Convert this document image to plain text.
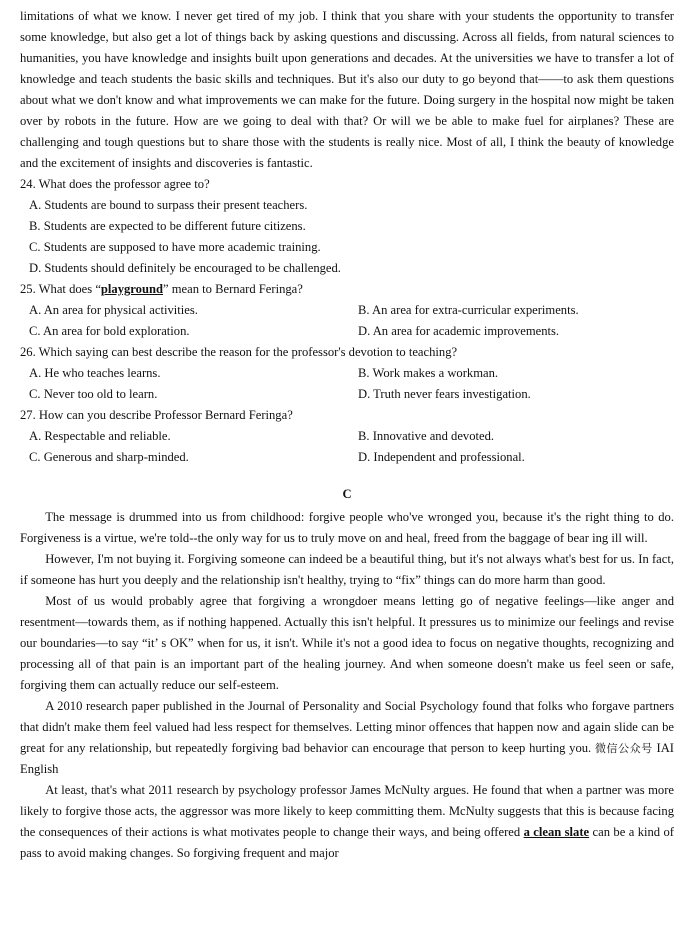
limitations of what we know. I never get tired of my job. I think that you share with your students the opportunity to transfer some knowledge, but also get a lot of things back by asking questions and discussing. Across all fields, from natural sciences to humanities, you have knowledge and insights built upon generations and decades. At the universities we have to transfer a lot of knowledge and teach students the basic skills and techniques. But it's also our duty to go beyond that——to ask them questions about what we don't know and what improvements we can make for the future. Doing surgery in the hospital now might be taken over by robots in the future. How are we going to deal with that? Or will we be able to make fuel for airplanes? These are challenging and tough questions but to share those with the students is really nice. Most of all, I think the beauty of knowledge and the excitement of insights and discoveries is fantastic.

24. What does the professor agree to?
A. Students are bound to surpass their present teachers.
B. Students are expected to be different future citizens.
C. Students are supposed to have more academic training.
D. Students should definitely be encouraged to be challenged.
25. What does “playground” mean to Bernard Feringa?
A. An area for physical activities.	B. An area for extra-curricular experiments.
C. An area for bold exploration.	D. An area for academic improvements.
26. Which saying can best describe the reason for the professor's devotion to teaching?
A. He who teaches learns.	B. Work makes a workman.
C. Never too old to learn.	D. Truth never fears investigation.
27. How can you describe Professor Bernard Feringa?
A. Respectable and reliable.	B. Innovative and devoted.
C. Generous and sharp-minded.	D. Independent and professional.
C

The message is drummed into us from childhood: forgive people who've wronged you, because it's the right thing to do. Forgiveness is a virtue, we're told--the only way for us to truly move on and heal, freed from the baggage of bear ing ill will.

However, I'm not buying it. Forgiving someone can indeed be a beautiful thing, but it's not always what's best for us. In fact, if someone has hurt you deeply and the relationship isn't healthy, trying to “fix” things can do more harm than good.

Most of us would probably agree that forgiving a wrongdoer means letting go of negative feelings—like anger and resentment—towards them, as if nothing happened. Actually this isn't helpful. It pressures us to minimize our feelings and revise our boundaries—to say “it’ s OK” when for us, it isn't. While it's not a good idea to focus on negative thoughts, recognizing and processing all of that pain is an important part of the healing journey. And when someone doesn't make us feel seen or safe, forgiving them can actually reduce our self-esteem.

A 2010 research paper published in the Journal of Personality and Social Psychology found that folks who forgave partners that didn't make them feel valued had less respect for themselves. Letting minor offences that happen now and again slide can be great for any relationship, but repeatedly forgiving bad behavior can encourage that person to keep hurting you. 微信公众号 IAI English

At least, that's what 2011 research by psychology professor James McNulty argues. He found that when a partner was more likely to forgive those acts, the aggressor was more likely to keep committing them. McNulty suggests that this is because facing the consequences of their actions is what motivates people to change their ways, and being offered a clean slate can be a kind of pass to avoid making changes. So forgiving frequent and major
